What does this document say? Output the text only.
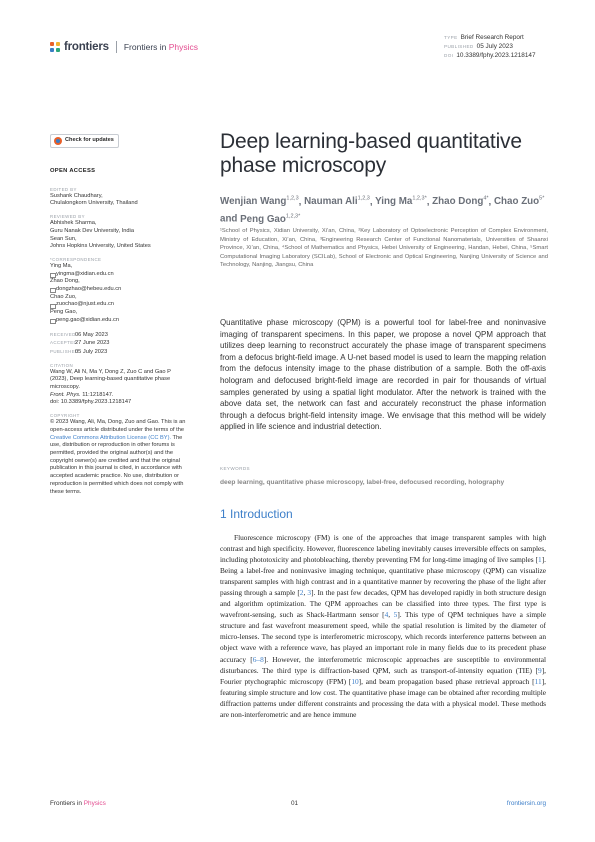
frontiers Frontiers in Physics
TYPE Brief Research Report
PUBLISHED 05 July 2023
DOI 10.3389/fphy.2023.1218147
Check for updates
OPEN ACCESS
EDITED BY
Sushank Chaudhary,
Chulalongkorn University, Thailand
REVIEWED BY
Abhishek Sharma,
Guru Nanak Dev University, India
Sean Sun,
Johns Hopkins University, United States
*CORRESPONDENCE
Ying Ma,
yingma@xidian.edu.cn
Zhao Dong,
dongzhao@hebeu.edu.cn
Chao Zuo,
zuochao@njust.edu.cn
Peng Gao,
peng.gao@xidian.edu.cn
RECEIVED06 May 2023
ACCEPTED27 June 2023
PUBLISHED05 July 2023
CITATION
Wang W, Ali N, Ma Y, Dong Z, Zuo C and Gao P (2023), Deep learning-based quantitative phase microscopy.
Front. Phys. 11:1218147.
doi: 10.3389/fphy.2023.1218147
COPYRIGHT
© 2023 Wang, Ali, Ma, Dong, Zuo and Gao. This is an open-access article distributed under the terms of the Creative Commons Attribution License (CC BY). The use, distribution or reproduction in other forums is permitted, provided the original author(s) and the copyright owner(s) are credited and that the original publication in this journal is cited, in accordance with accepted academic practice. No use, distribution or reproduction is permitted which does not comply with these terms.
Deep learning-based quantitative phase microscopy
Wenjian Wang$^{1,2,3}$, Nauman Ali$^{1,2,3}$, Ying $Ma^{1,2,3*}$, Zhao Dong$^{4*}$, Chao Zuo$^{5*}$ and Peng Gao$^{1,2,3*}$
¹School of Physics, Xidian University, Xi’an, China, ²Key Laboratory of Optoelectronic Perception of Complex Environment, Ministry of Education, Xi’an, China, ³Engineering Research Center of Functional Nanomaterials, Universities of Shaanxi Province, Xi’an, China, ⁴School of Mathematics and Physics, Hebei University of Engineering, Handan, Hebei, China, ⁵Smart Computational Imaging Laboratory (SCILab), School of Electronic and Optical Engineering, Nanjing University of Science and Technology, Nanjing, Jiangsu, China
Quantitative phase microscopy (QPM) is a powerful tool for label-free and noninvasive imaging of transparent specimens. In this paper, we propose a novel QPM approach that utilizes deep learning to reconstruct accurately the phase image of transparent specimens from a defocus bright-field image. A U-net based model is used to learn the mapping relation from the defocus intensity image to the phase distribution of a sample. Both the off-axis hologram and defocused bright-field image are recorded in pair for thousands of virtual samples generated by using a spatial light modulator. After the network is trained with the above data set, the network can fast and accurately reconstruct the phase information through a defocus bright-field intensity image. We envisage that this method will be widely applied in life science and industrial detection.
KEYWORDS
deep learning, quantitative phase microscopy, label-free, defocused recording, holography
1 Introduction

Fluorescence microscopy (FM) is one of the approaches that image transparent samples with high contrast and high specificity. However, fluorescence labeling inevitably causes irreversible effects on samples, including phototoxicity and photobleaching, thereby preventing FM for long-time imaging of live samples [1]. Being a label-free and noninvasive imaging technique, quantitative phase microscopy (QPM) can visualize transparent samples with high contrast and in a quantitative manner by recovering the phase of the light after passing through a sample [2, 3]. In the past few decades, QPM has developed rapidly in both structure design and algorithm optimization. The QPM approaches can be classified into three types. The first type is wavefront-sensing, such as Shack-Hartmann sensor [4, 5]. This type of QPM techniques have a simple structure and fast wavefront measurement speed, while the spatial resolution is limited by the diameter of micro-lenses. The second type is interferometric microscopy, which records interference patterns between an object wave with a reference wave, has played an important role in many fields due to its precedent phase accuracy [6–8]. However, the interferometric microscopic approaches are susceptible to environmental disturbances. The third type is diffraction-based QPM, such as transport-of-intensity equation (TIE) [9], Fourier ptychographic microscopy (FPM) [10], and beam propagation based phase retrieval approach [11], featuring simple structure and low cost. The quantitative phase image can be obtained after recording multiple diffraction patterns under different constraints and processing the data with a physical model. These methods are non-interferometric and are hence immune

Frontiers in Physics	01	frontiersin.org
